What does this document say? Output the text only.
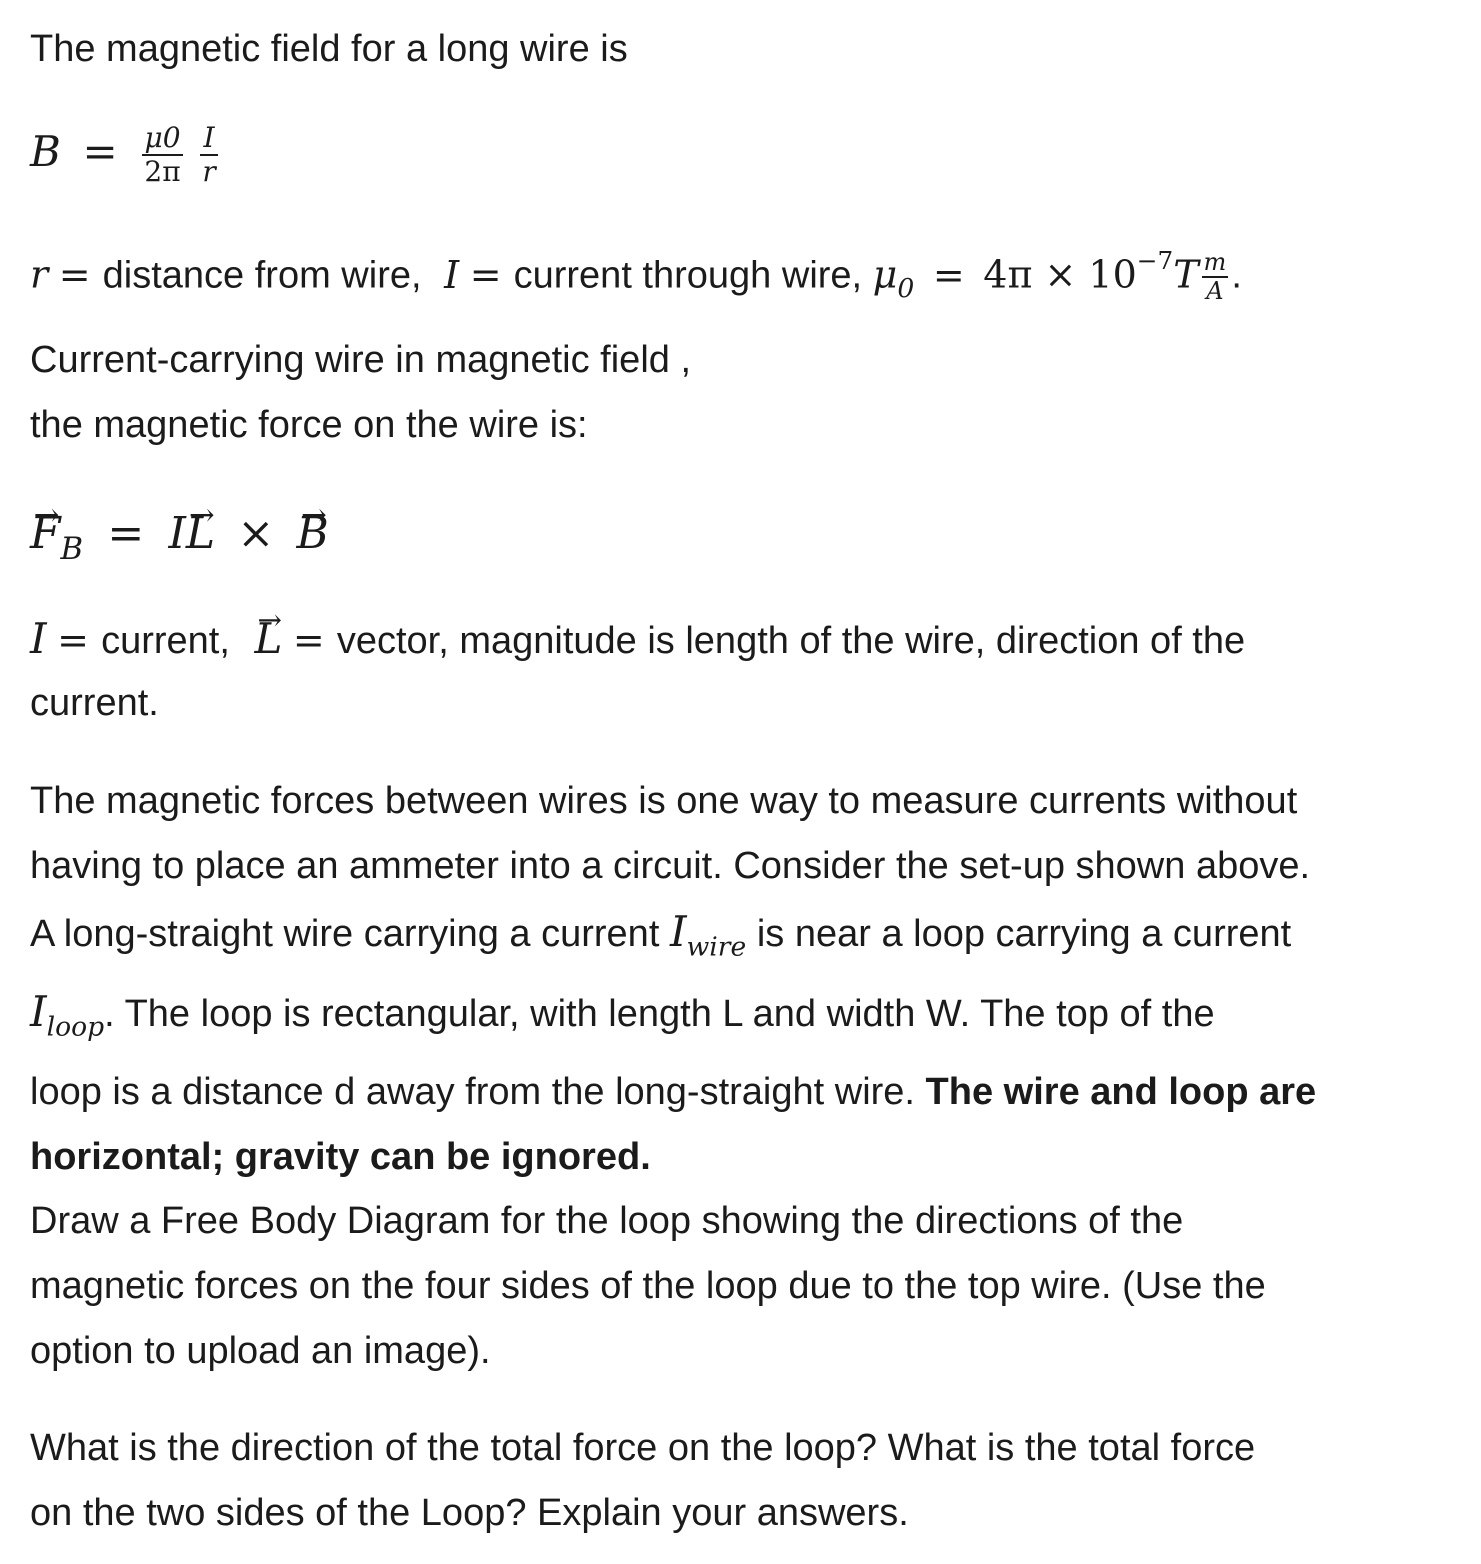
The magnetic field for a long wire is

$B = \frac{\mu 0}{2\pi}$
$\frac{I}{r}$
r = distance from wire, I = current through wire, $\mu_0 = 4\pi \times 10^{-7}T \frac{m}{A}$ .

Current-carrying wire in magnetic field ,

the magnetic force on the wire is:

→ $F_B = I\to L$ × → B
I = current, → L = vector, magnitude is length of the wire, direction of the

current.

The magnetic forces between wires is one way to measure currents without

having to place an ammeter into a circuit. Consider the set-up shown above.

A long-straight wire carrying a current $I_{wire}$ is near a loop carrying a current

$I_{loop}$. The loop is rectangular, with length L and width W. The top of the

loop is a distance d away from the long-straight wire. The wire and loop are

horizontal; gravity can be ignored.

Draw a Free Body Diagram for the loop showing the directions of the

magnetic forces on the four sides of the loop due to the top wire. (Use the

option to upload an image).

What is the direction of the total force on the loop? What is the total force

on the two sides of the Loop? Explain your answers.
